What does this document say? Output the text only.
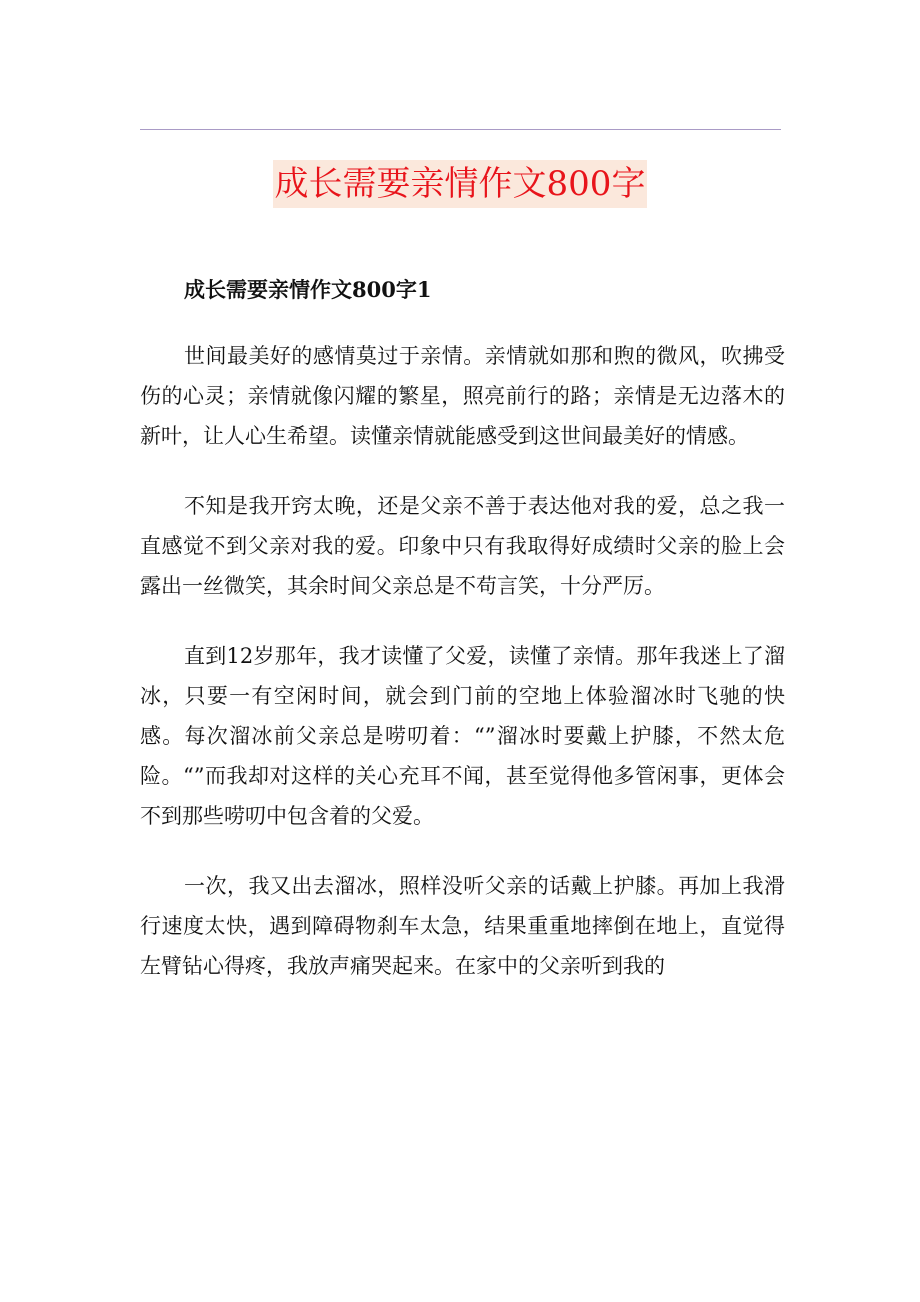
成长需要亲情作文800字
成长需要亲情作文800字1

世间最美好的感情莫过于亲情。亲情就如那和煦的微风，吹拂受伤的心灵；亲情就像闪耀的繁星，照亮前行的路；亲情是无边落木的新叶，让人心生希望。读懂亲情就能感受到这世间最美好的情感。

不知是我开窍太晚，还是父亲不善于表达他对我的爱，总之我一直感觉不到父亲对我的爱。印象中只有我取得好成绩时父亲的脸上会露出一丝微笑，其余时间父亲总是不苟言笑，十分严厉。

直到12岁那年，我才读懂了父爱，读懂了亲情。那年我迷上了溜冰，只要一有空闲时间，就会到门前的空地上体验溜冰时飞驰的快感。每次溜冰前父亲总是唠叨着：“”溜冰时要戴上护膝，不然太危险。“”而我却对这样的关心充耳不闻，甚至觉得他多管闲事，更体会不到那些唠叨中包含着的父爱。

一次，我又出去溜冰，照样没听父亲的话戴上护膝。再加上我滑行速度太快，遇到障碍物刹车太急，结果重重地摔倒在地上，直觉得左臂钻心得疼，我放声痛哭起来。在家中的父亲听到我的
